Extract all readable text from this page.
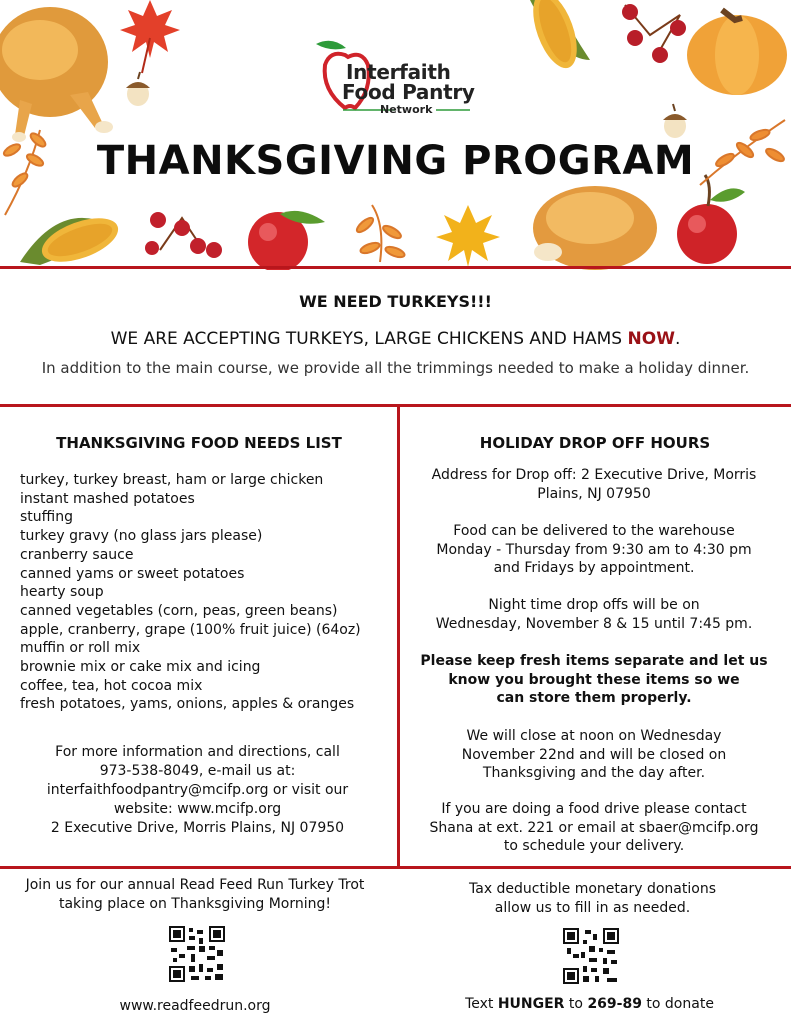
Interfaith
Food Pantry
Network
THANKSGIVING PROGRAM
WE NEED TURKEYS!!!
WE ARE ACCEPTING TURKEYS, LARGE CHICKENS AND HAMS NOW.
In addition to the main course, we provide all the trimmings needed to make a holiday dinner.
THANKSGIVING FOOD NEEDS LIST
turkey, turkey breast, ham or large chicken
instant mashed potatoes
stuffing
turkey gravy (no glass jars please)
cranberry sauce
canned yams or sweet potatoes
hearty soup
canned vegetables (corn, peas, green beans)
apple, cranberry, grape (100% fruit juice) (64oz)
muffin or roll mix
brownie mix or cake mix and icing
coffee, tea, hot cocoa mix
fresh potatoes, yams, onions, apples & oranges
For more information and directions, call
973-538-8049, e-mail us at:
interfaithfoodpantry@mcifp.org or visit our
website: www.mcifp.org
2 Executive Drive, Morris Plains, NJ 07950
HOLIDAY DROP OFF HOURS
Address for Drop off: 2 Executive Drive, Morris
Plains, NJ 07950
Food can be delivered to the warehouse
Monday - Thursday from 9:30 am to 4:30 pm
and Fridays by appointment.
Night time drop offs will be on
Wednesday, November 8 & 15 until 7:45 pm.
Please keep fresh items separate and let us
know you brought these items so we
can store them properly.
We will close at noon on Wednesday
November 22nd and will be closed on
Thanksgiving and the day after.
If you are doing a food drive please contact
Shana at ext. 221 or email at sbaer@mcifp.org
to schedule your delivery.
Join us for our annual Read Feed Run Turkey Trot
taking place on Thanksgiving Morning!
Tax deductible monetary donations
allow us to fill in as needed.
www.readfeedrun.org	Text HUNGER to 269-89 to donate
